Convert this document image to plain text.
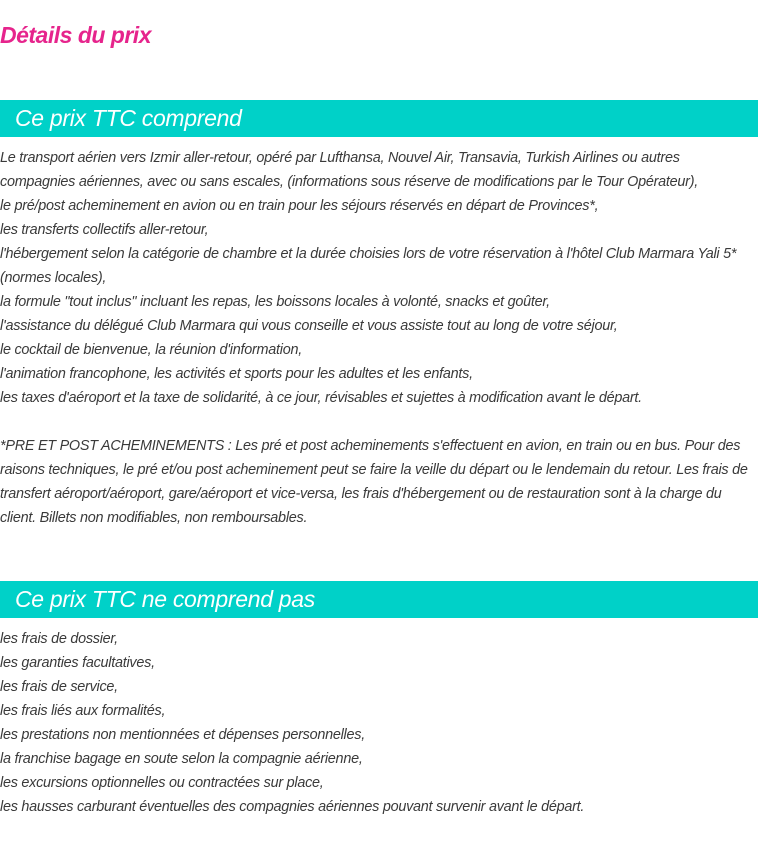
Détails du prix
Ce prix TTC comprend
Le transport aérien vers Izmir aller-retour, opéré par Lufthansa, Nouvel Air, Transavia, Turkish Airlines ou autres compagnies aériennes, avec ou sans escales, (informations sous réserve de modifications par le Tour Opérateur),
le pré/post acheminement en avion ou en train pour les séjours réservés en départ de Provinces*,
les transferts collectifs aller-retour,
l'hébergement selon la catégorie de chambre et la durée choisies lors de votre réservation à l'hôtel Club Marmara Yali 5* (normes locales),
la formule "tout inclus" incluant les repas, les boissons locales à volonté, snacks et goûter,
l'assistance du délégué Club Marmara qui vous conseille et vous assiste tout au long de votre séjour,
le cocktail de bienvenue, la réunion d'information,
l'animation francophone, les activités et sports pour les adultes et les enfants,
les taxes d'aéroport et la taxe de solidarité, à ce jour, révisables et sujettes à modification avant le départ.

*PRE ET POST ACHEMINEMENTS : Les pré et post acheminements s'effectuent en avion, en train ou en bus. Pour des raisons techniques, le pré et/ou post acheminement peut se faire la veille du départ ou le lendemain du retour. Les frais de transfert aéroport/aéroport, gare/aéroport et vice-versa, les frais d'hébergement ou de restauration sont à la charge du client. Billets non modifiables, non remboursables.

Ce prix TTC ne comprend pas
les frais de dossier,
les garanties facultatives,
les frais de service,
les frais liés aux formalités,
les prestations non mentionnées et dépenses personnelles,
la franchise bagage en soute selon la compagnie aérienne,
les excursions optionnelles ou contractées sur place,
les hausses carburant éventuelles des compagnies aériennes pouvant survenir avant le départ.
